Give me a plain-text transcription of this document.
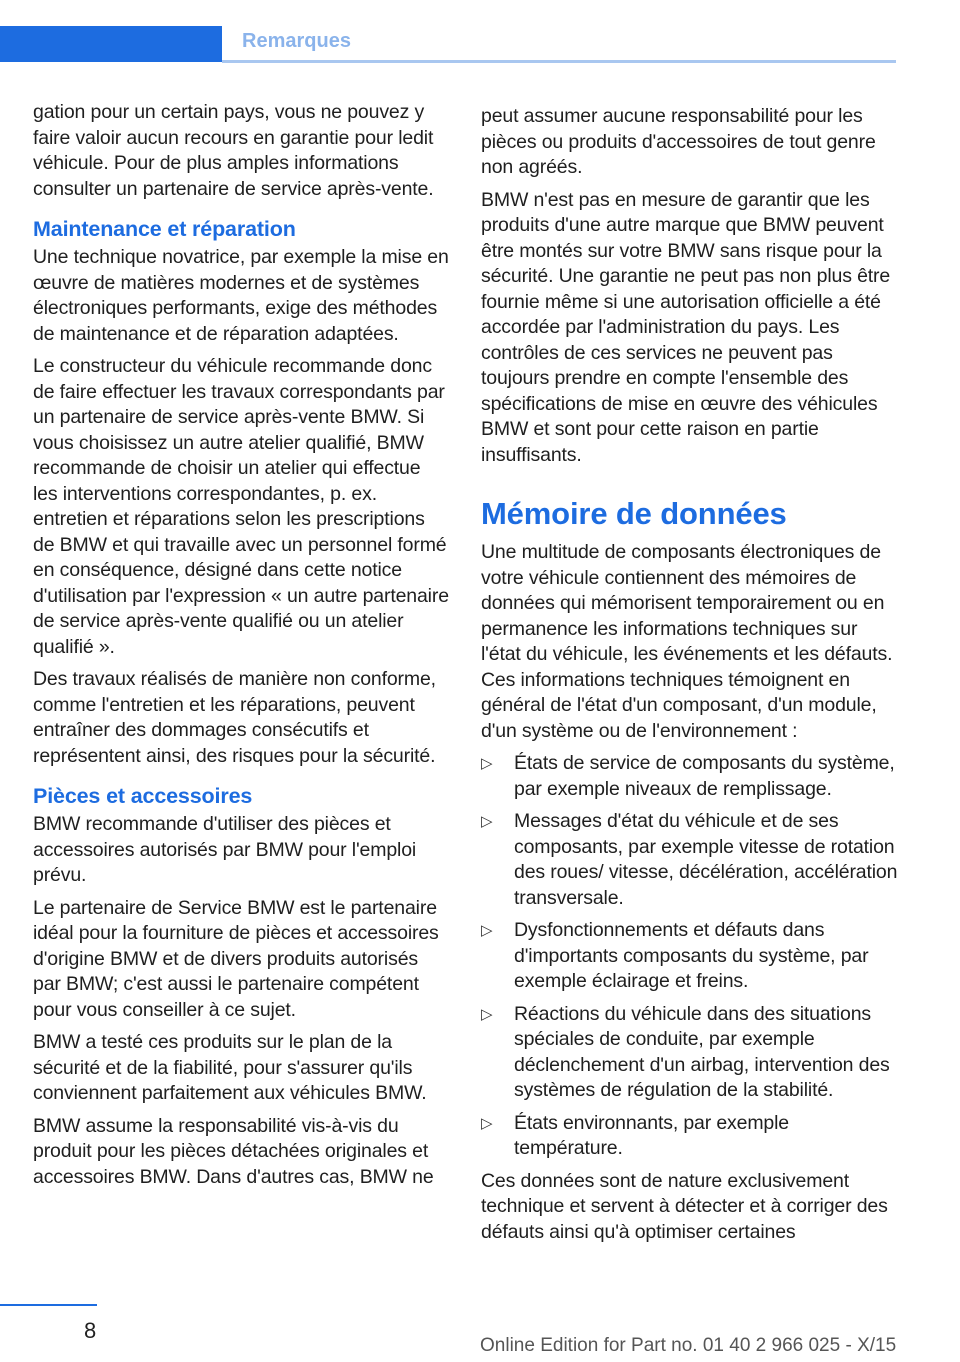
Remarques

gation pour un certain pays, vous ne pouvez y faire valoir aucun recours en garantie pour ledit véhicule. Pour de plus amples informations consulter un partenaire de service après-vente.

Maintenance et réparation

Une technique novatrice, par exemple la mise en œuvre de matières modernes et de systèmes électroniques performants, exige des méthodes de maintenance et de réparation adaptées.

Le constructeur du véhicule recommande donc de faire effectuer les travaux correspondants par un partenaire de service après-vente BMW. Si vous choisissez un autre atelier qualifié, BMW recommande de choisir un atelier qui effectue les interventions correspondantes, p. ex. entretien et réparations selon les prescriptions de BMW et qui travaille avec un personnel formé en conséquence, désigné dans cette notice d'utilisation par l'expression « un autre partenaire de service après-vente qualifié ou un atelier qualifié ».

Des travaux réalisés de manière non conforme, comme l'entretien et les réparations, peuvent entraîner des dommages consécutifs et représentent ainsi, des risques pour la sécurité.

Pièces et accessoires

BMW recommande d'utiliser des pièces et accessoires autorisés par BMW pour l'emploi prévu.

Le partenaire de Service BMW est le partenaire idéal pour la fourniture de pièces et accessoires d'origine BMW et de divers produits autorisés par BMW; c'est aussi le partenaire compétent pour vous conseiller à ce sujet.

BMW a testé ces produits sur le plan de la sécurité et de la fiabilité, pour s'assurer qu'ils conviennent parfaitement aux véhicules BMW.

BMW assume la responsabilité vis-à-vis du produit pour les pièces détachées originales et accessoires BMW. Dans d'autres cas, BMW ne

peut assumer aucune responsabilité pour les pièces ou produits d'accessoires de tout genre non agréés.

BMW n'est pas en mesure de garantir que les produits d'une autre marque que BMW peuvent être montés sur votre BMW sans risque pour la sécurité. Une garantie ne peut pas non plus être fournie même si une autorisation officielle a été accordée par l'administration du pays. Les contrôles de ces services ne peuvent pas toujours prendre en compte l'ensemble des spécifications de mise en œuvre des véhicules BMW et sont pour cette raison en partie insuffisants.

Mémoire de données

Une multitude de composants électroniques de votre véhicule contiennent des mémoires de données qui mémorisent temporairement ou en permanence les informations techniques sur l'état du véhicule, les événements et les défauts. Ces informations techniques témoignent en général de l'état d'un composant, d'un module, d'un système ou de l'environnement :

▷ États de service de composants du système, par exemple niveaux de remplissage.
▷ Messages d'état du véhicule et de ses composants, par exemple vitesse de rotation des roues/ vitesse, décélération, accélération transversale.
▷ Dysfonctionnements et défauts dans d'importants composants du système, par exemple éclairage et freins.
▷ Réactions du véhicule dans des situations spéciales de conduite, par exemple déclenchement d'un airbag, intervention des systèmes de régulation de la stabilité.
▷ États environnants, par exemple température.

Ces données sont de nature exclusivement technique et servent à détecter et à corriger des défauts ainsi qu'à optimiser certaines

8
Online Edition for Part no. 01 40 2 966 025 - X/15
